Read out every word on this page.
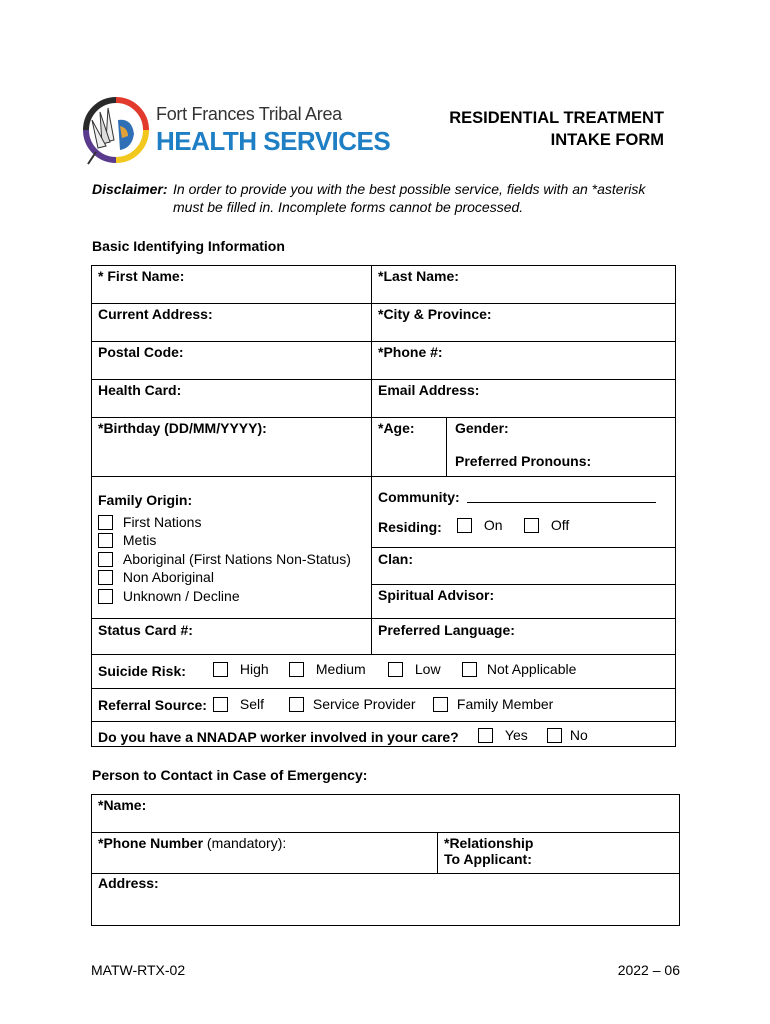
Fort Frances Tribal Area
HEALTH SERVICES
RESIDENTIAL TREATMENT
INTAKE FORM
Disclaimer: In order to provide you with the best possible service, fields with an *asterisk
must be filled in. Incomplete forms cannot be processed.
Basic Identifying Information
* First Name:	*Last Name:
Current Address:	*City & Province:
Postal Code:	*Phone #:
Health Card:	Email Address:
*Birthday (DD/MM/YYYY):	*Age:	Gender:
Preferred Pronouns:
Family Origin:
First Nations
Metis
Aboriginal (First Nations Non-Status)
Non Aboriginal
Unknown / Decline
Community:
Residing:	On	Off
Clan:
Spiritual Advisor:
Status Card #:	Preferred Language:
Suicide Risk:	High	Medium	Low	Not Applicable
Referral Source:	Self	Service Provider	Family Member
Do you have a NNADAP worker involved in your care?	Yes	No
Person to Contact in Case of Emergency:
*Name:
*Phone Number (mandatory):	*Relationship
To Applicant:
Address:
MATW-RTX-02	2022 – 06
